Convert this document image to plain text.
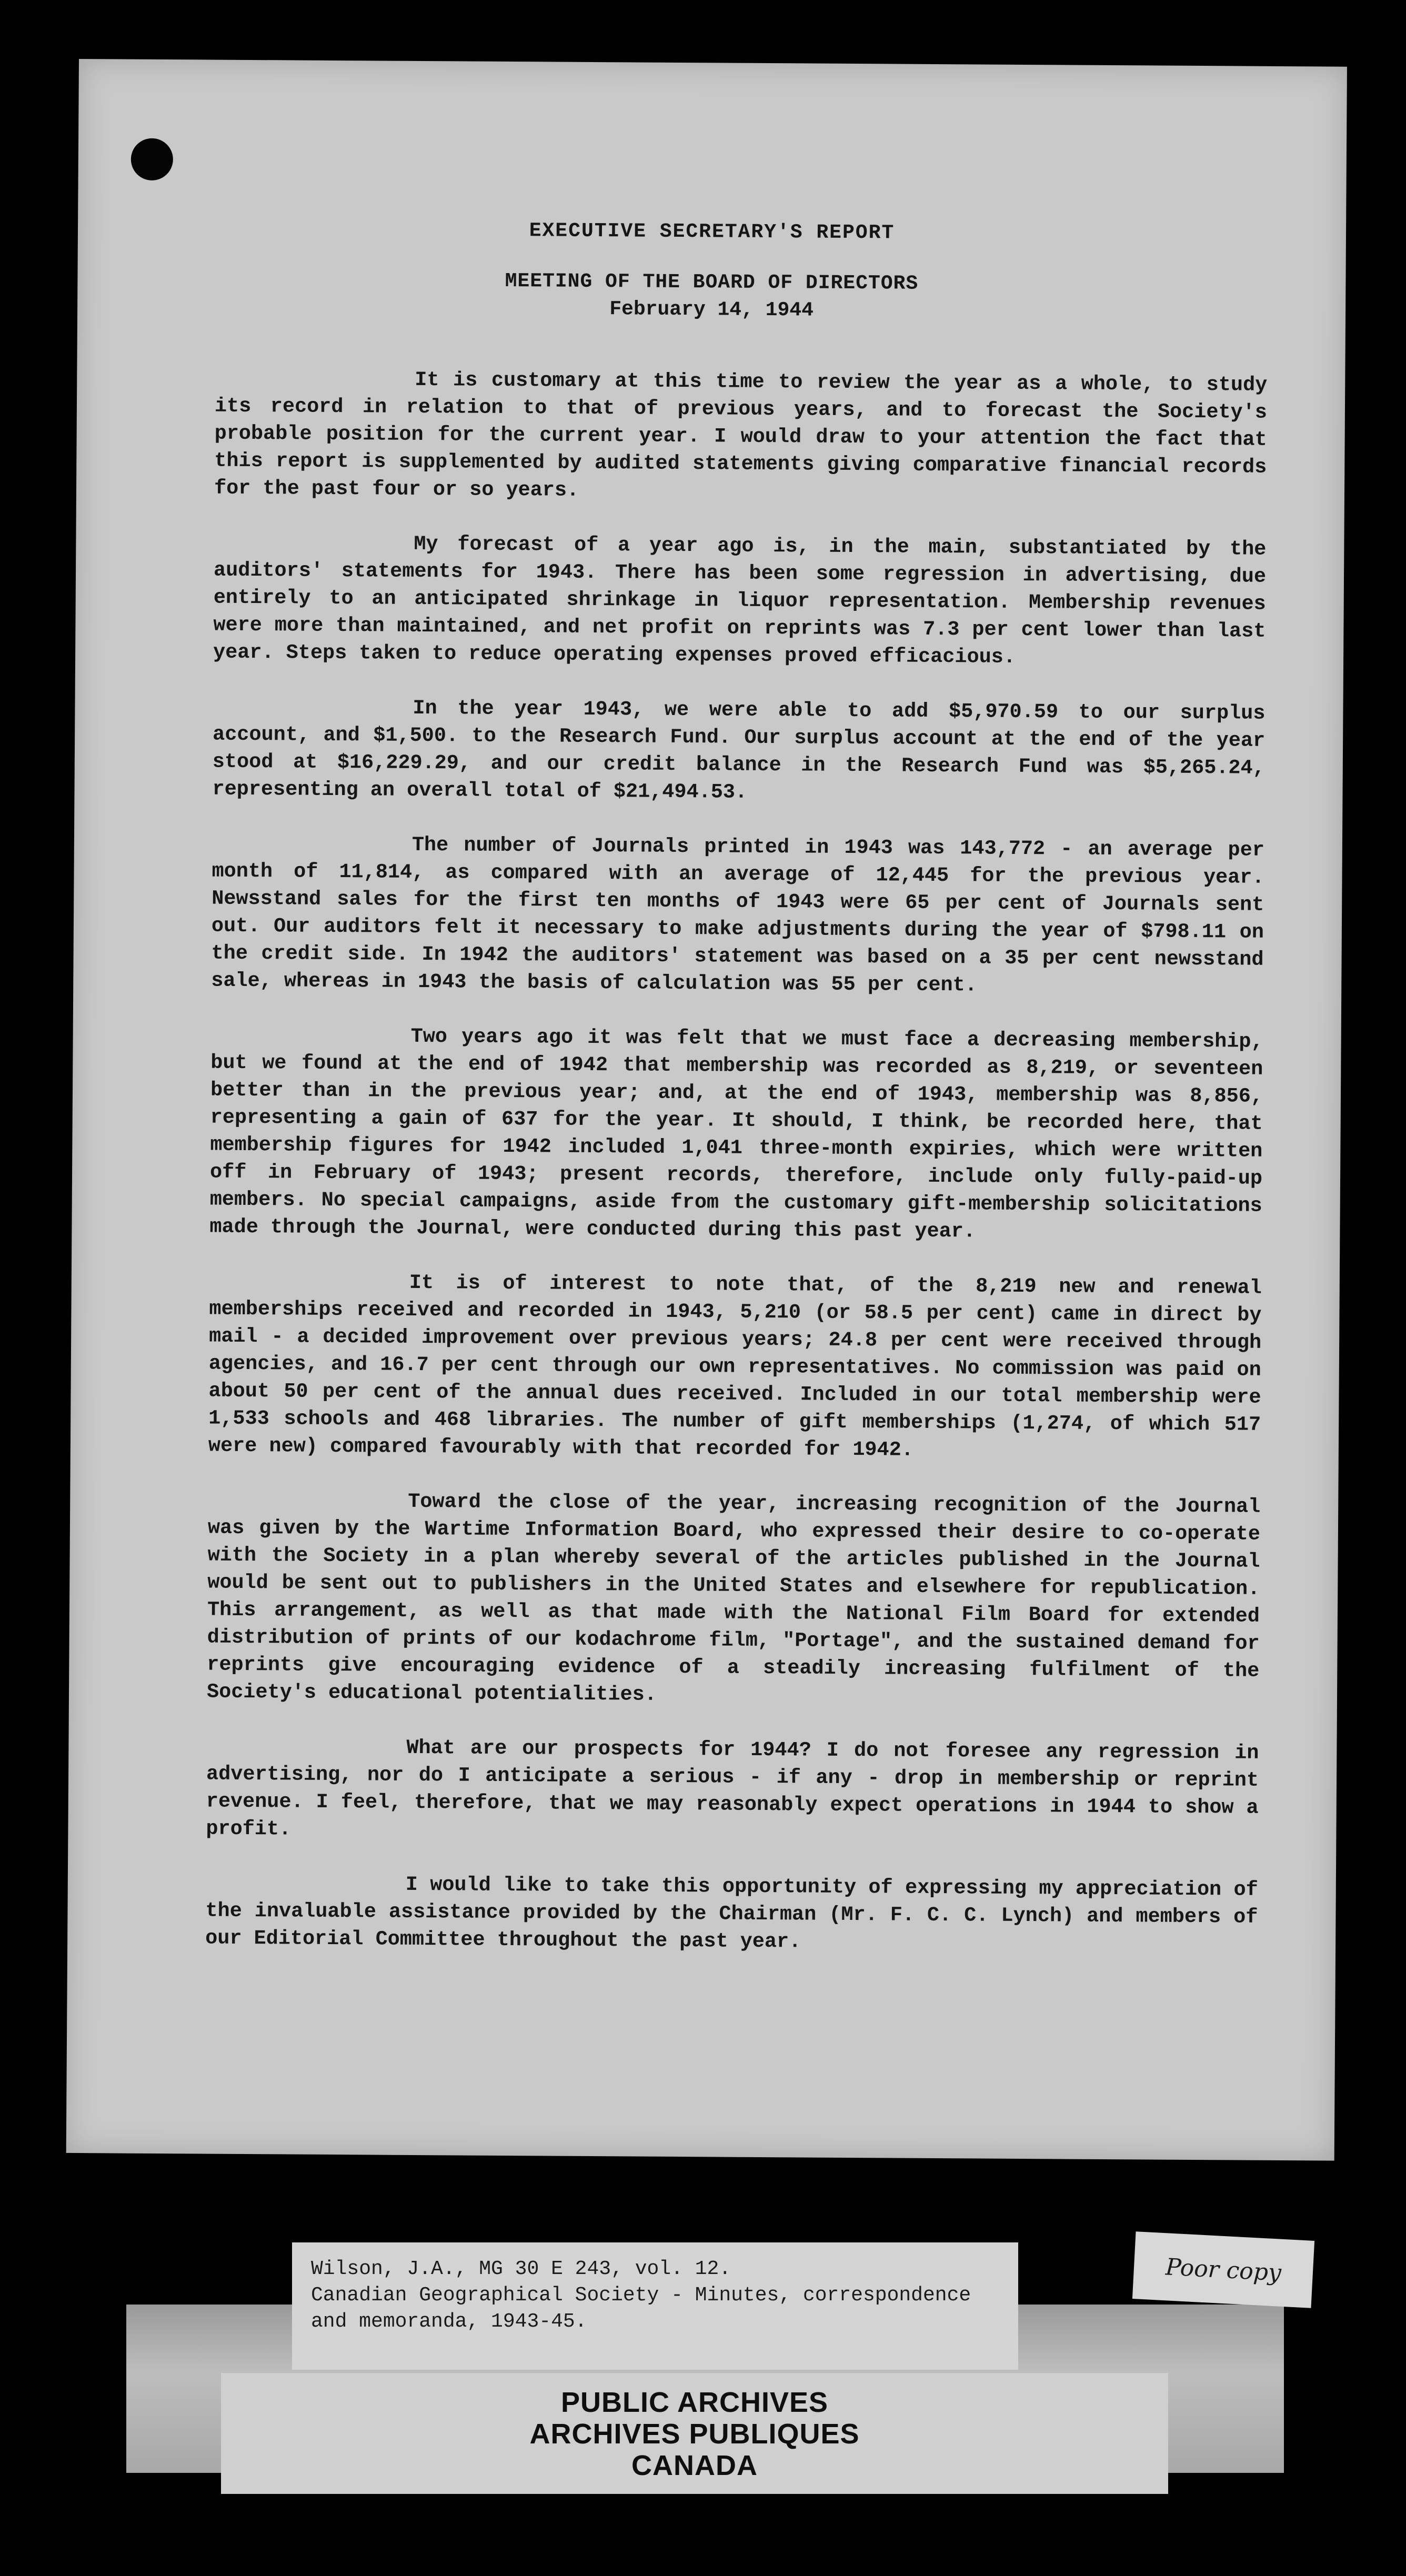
EXECUTIVE SECRETARY'S REPORT
MEETING OF THE BOARD OF DIRECTORS
February 14, 1944

It is customary at this time to review the year as a whole, to study its record in relation to that of previous years, and to forecast the Society's probable position for the current year. I would draw to your attention the fact that this report is supplemented by audited statements giving comparative financial records for the past four or so years.

My forecast of a year ago is, in the main, substantiated by the auditors' statements for 1943. There has been some regression in advertising, due entirely to an anticipated shrinkage in liquor representation. Membership revenues were more than maintained, and net profit on reprints was 7.3 per cent lower than last year. Steps taken to reduce operating expenses proved efficacious.

In the year 1943, we were able to add $5,970.59 to our surplus account, and $1,500. to the Research Fund. Our surplus account at the end of the year stood at $16,229.29, and our credit balance in the Research Fund was $5,265.24, representing an overall total of $21,494.53.

The number of Journals printed in 1943 was 143,772 - an average per month of 11,814, as compared with an average of 12,445 for the previous year. Newsstand sales for the first ten months of 1943 were 65 per cent of Journals sent out. Our auditors felt it necessary to make adjustments during the year of $798.11 on the credit side. In 1942 the auditors' statement was based on a 35 per cent newsstand sale, whereas in 1943 the basis of calculation was 55 per cent.

Two years ago it was felt that we must face a decreasing membership, but we found at the end of 1942 that membership was recorded as 8,219, or seventeen better than in the previous year; and, at the end of 1943, membership was 8,856, representing a gain of 637 for the year. It should, I think, be recorded here, that membership figures for 1942 included 1,041 three-month expiries, which were written off in February of 1943; present records, therefore, include only fully-paid-up members. No special campaigns, aside from the customary gift-membership solicitations made through the Journal, were conducted during this past year.

It is of interest to note that, of the 8,219 new and renewal memberships received and recorded in 1943, 5,210 (or 58.5 per cent) came in direct by mail - a decided improvement over previous years; 24.8 per cent were received through agencies, and 16.7 per cent through our own representatives. No commission was paid on about 50 per cent of the annual dues received. Included in our total membership were 1,533 schools and 468 libraries. The number of gift memberships (1,274, of which 517 were new) compared favourably with that recorded for 1942.

Toward the close of the year, increasing recognition of the Journal was given by the Wartime Information Board, who expressed their desire to co-operate with the Society in a plan whereby several of the articles published in the Journal would be sent out to publishers in the United States and elsewhere for republication. This arrangement, as well as that made with the National Film Board for extended distribution of prints of our kodachrome film, "Portage", and the sustained demand for reprints give encouraging evidence of a steadily increasing fulfilment of the Society's educational potentialities.

What are our prospects for 1944? I do not foresee any regression in advertising, nor do I anticipate a serious - if any - drop in membership or reprint revenue. I feel, therefore, that we may reasonably expect operations in 1944 to show a profit.

I would like to take this opportunity of expressing my appreciation of the invaluable assistance provided by the Chairman (Mr. F. C. C. Lynch) and members of our Editorial Committee throughout the past year.

Wilson, J.A., MG 30 E 243, vol. 12.
Canadian Geographical Society - Minutes, correspondence
and memoranda, 1943-45.
Poor copy
PUBLIC ARCHIVES
ARCHIVES PUBLIQUES
CANADA
